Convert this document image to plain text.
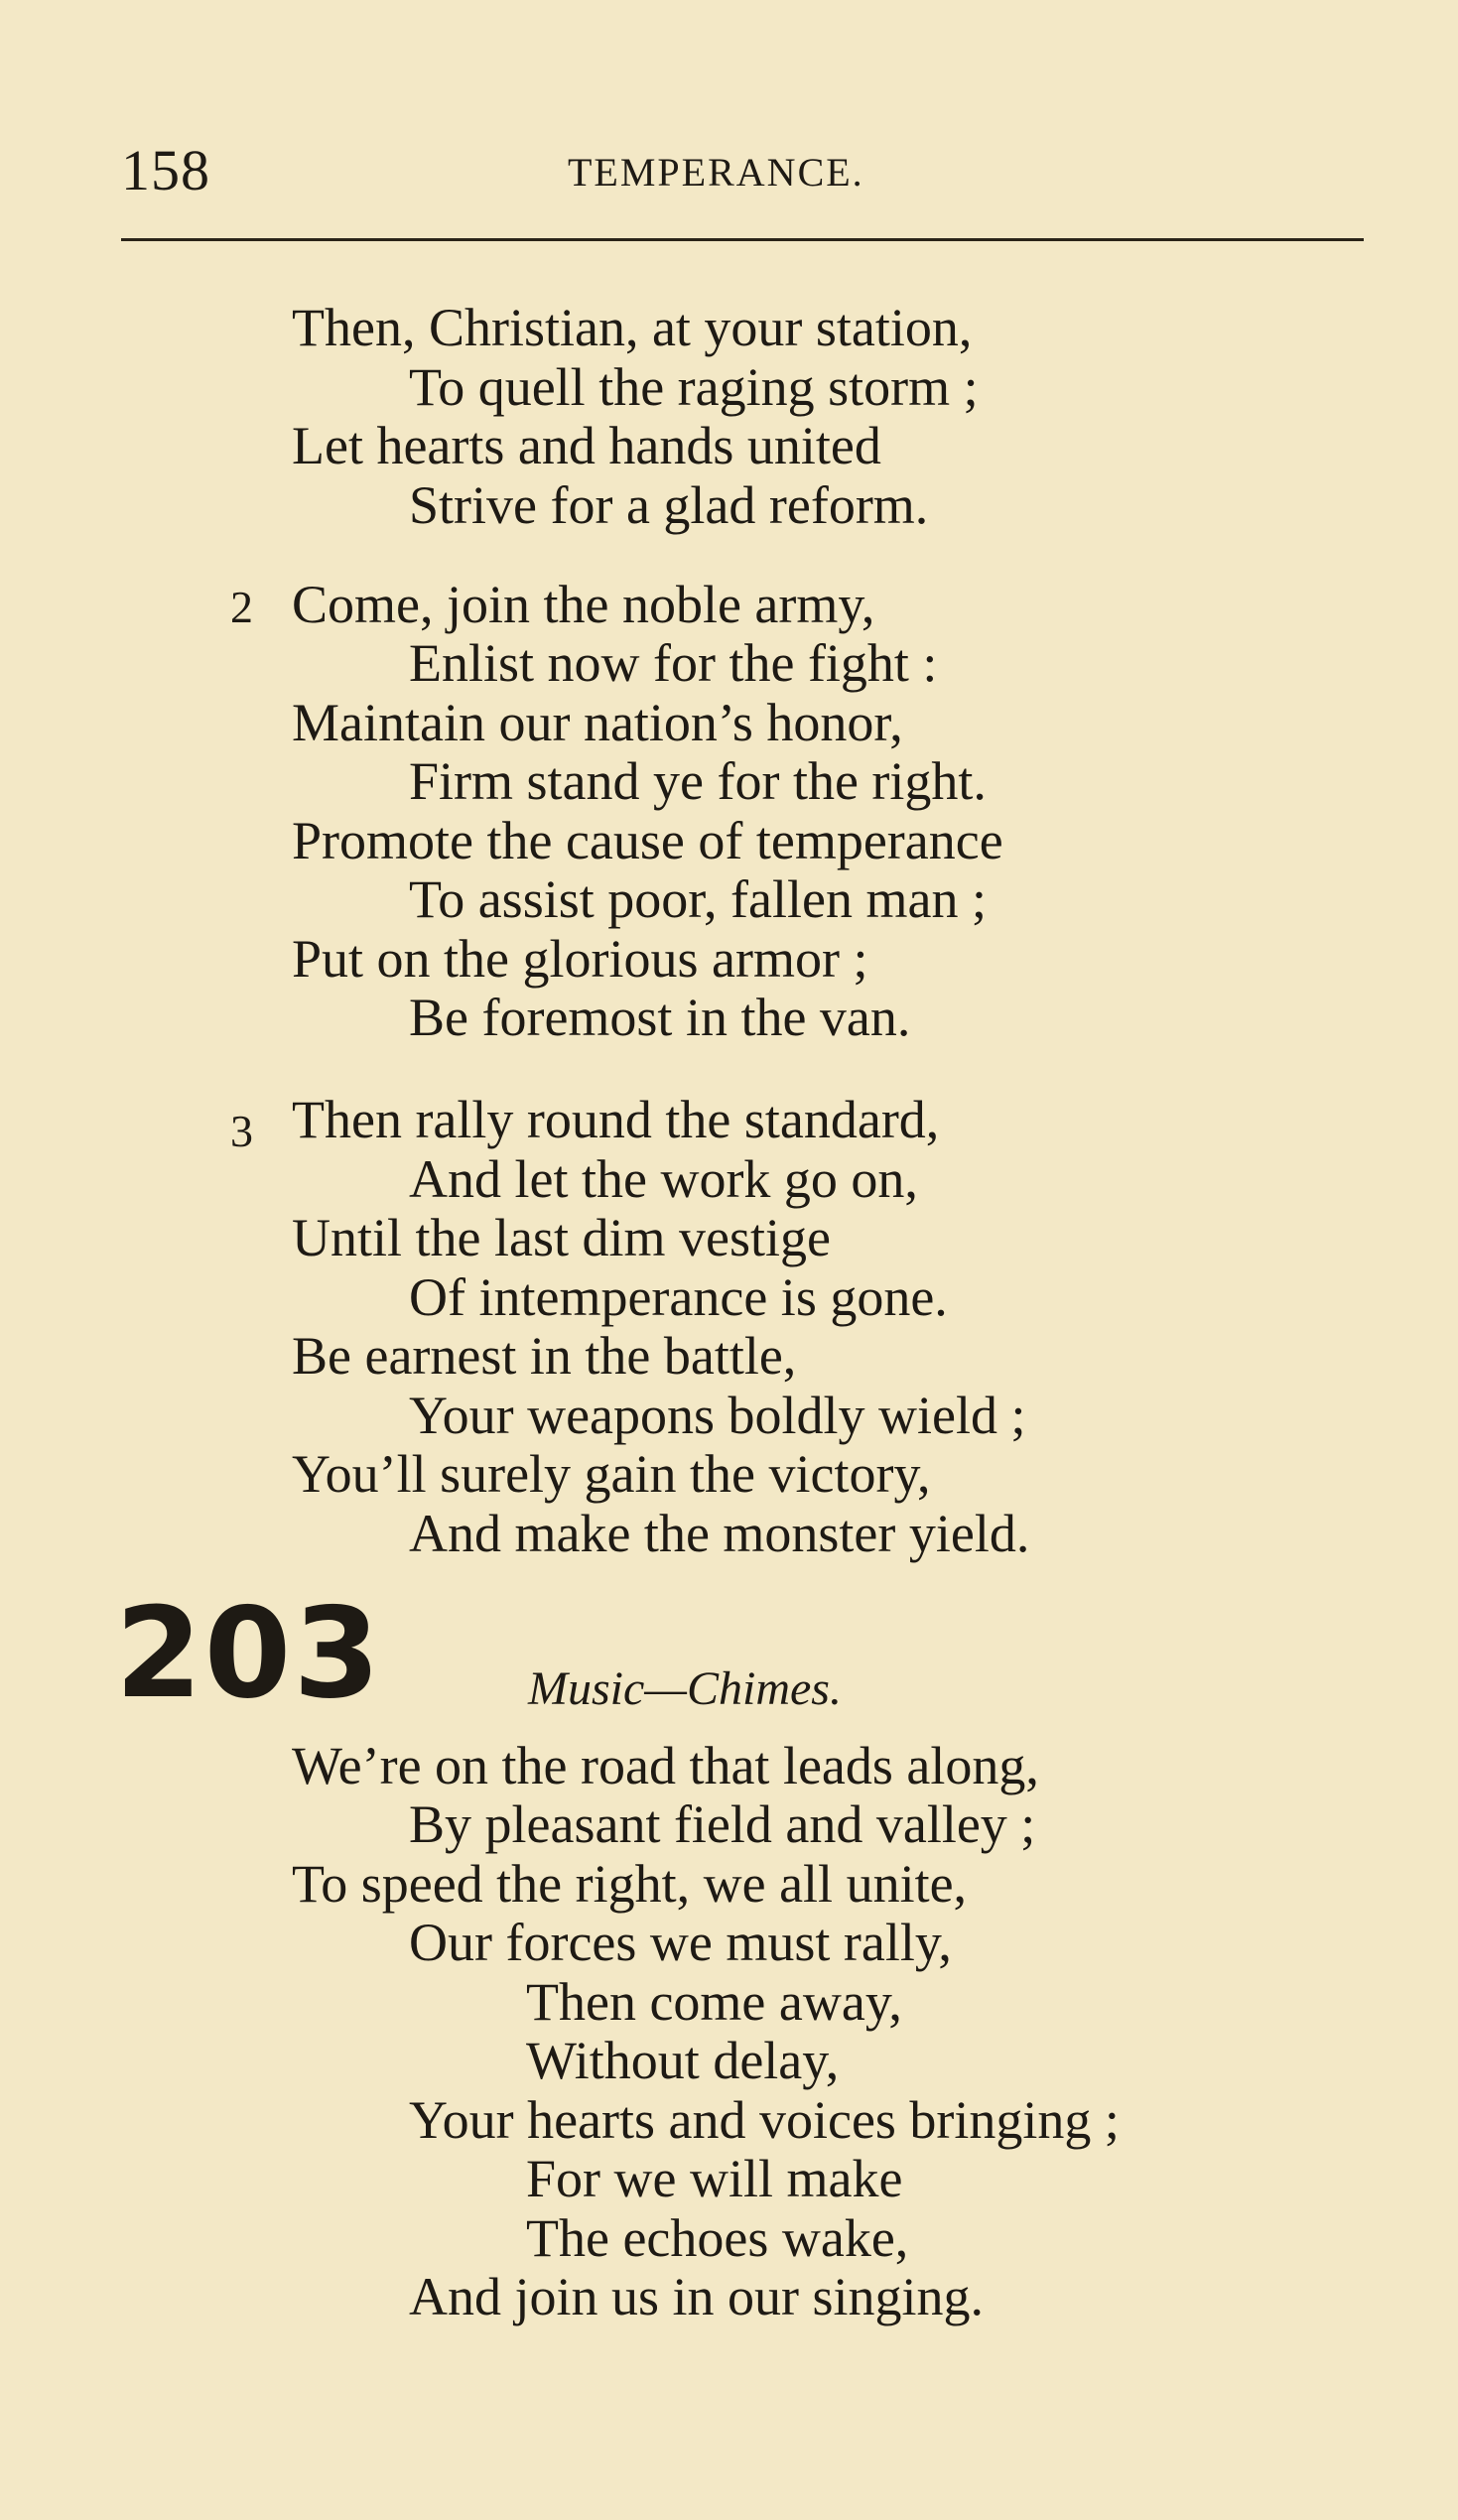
158	TEMPERANCE.
Then, Christian, at your station,
To quell the raging storm ;
Let hearts and hands united
Strive for a glad reform.
2 Come, join the noble army,
Enlist now for the fight :
Maintain our nation’s honor,
Firm stand ye for the right.
Promote the cause of temperance
To assist poor, fallen man ;
Put on the glorious armor ;
Be foremost in the van.
3 Then rally round the standard,
And let the work go on,
Until the last dim vestige
Of intemperance is gone.
Be earnest in the battle,
Your weapons boldly wield ;
You’ll surely gain the victory,
And make the monster yield.
203	Music—Chimes.
We’re on the road that leads along,
By pleasant field and valley ;
To speed the right, we all unite,
Our forces we must rally,
Then come away,
Without delay,
Your hearts and voices bringing ;
For we will make
The echoes wake,
And join us in our singing.
